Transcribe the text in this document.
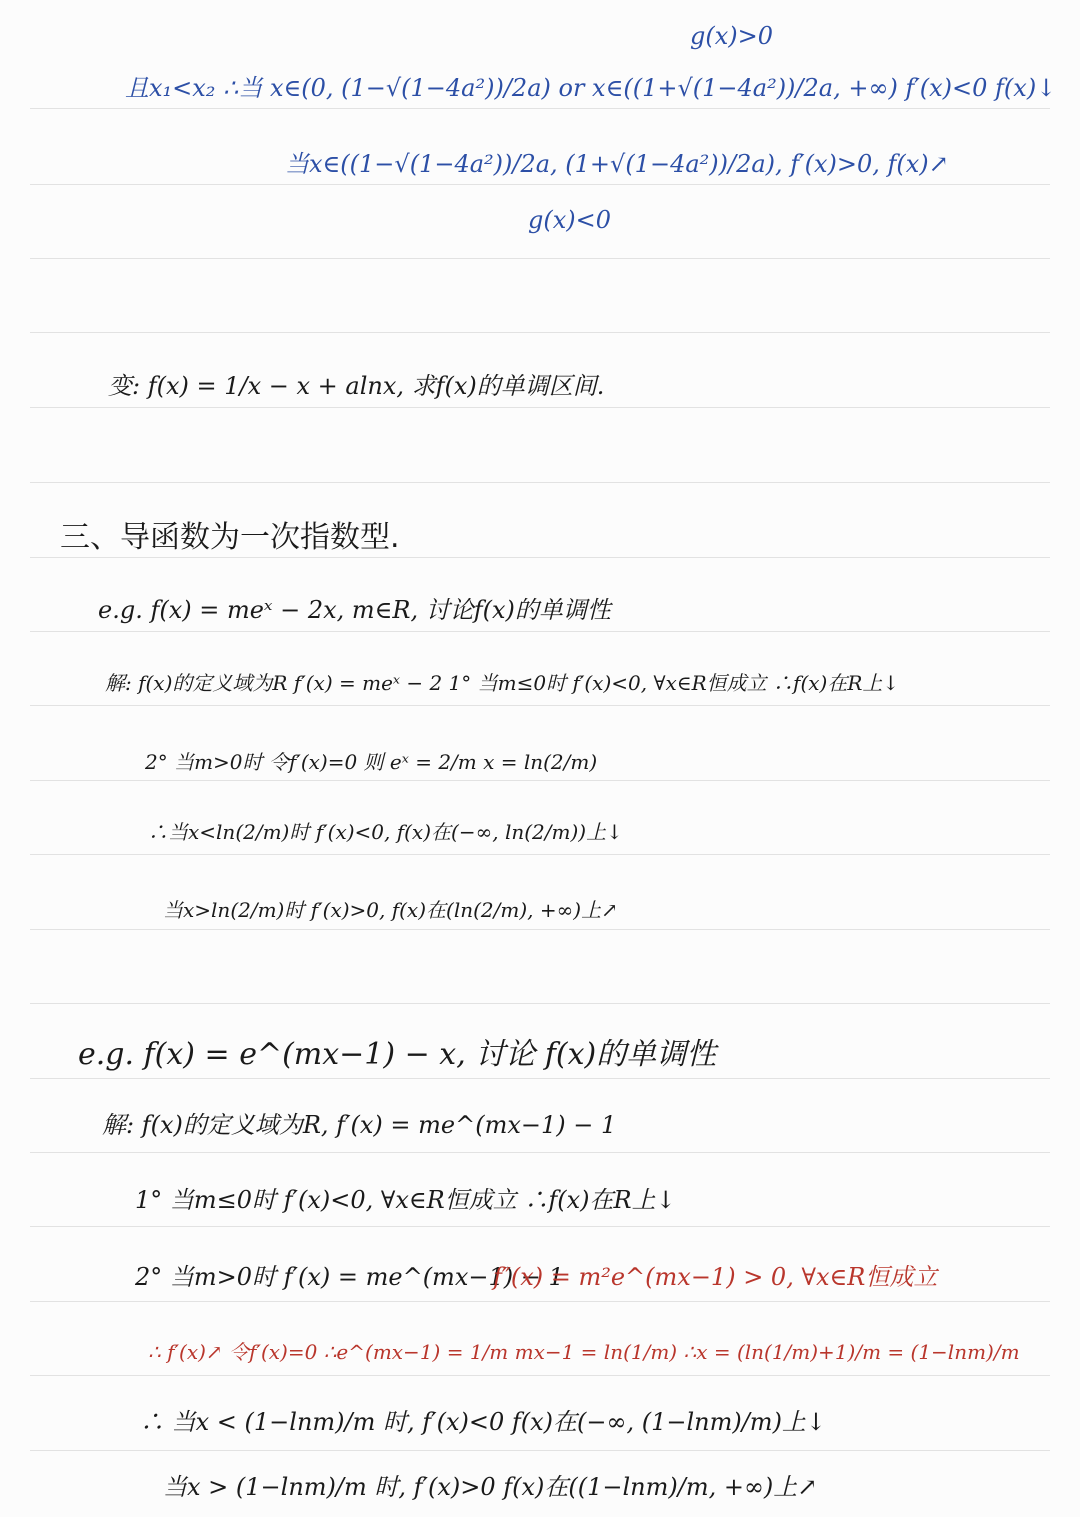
g(x)>0
且x₁<x₂ ∴当 x∈(0, (1−√(1−4a²))/2a) or x∈((1+√(1−4a²))/2a, +∞) f′(x)<0 f(x)↓
当x∈((1−√(1−4a²))/2a, (1+√(1−4a²))/2a), f′(x)>0, f(x)↗
g(x)<0
变: f(x) = 1/x − x + alnx, 求f(x)的单调区间.
三、导函数为一次指数型.
e.g. f(x) = meˣ − 2x, m∈R, 讨论f(x)的单调性
解: f(x)的定义域为R f′(x) = meˣ − 2 1° 当m≤0时 f′(x)<0, ∀x∈R恒成立 ∴f(x)在R上↓
2° 当m>0时 令f′(x)=0 则 eˣ = 2/m x = ln(2/m)
∴当x<ln(2/m)时 f′(x)<0, f(x)在(−∞, ln(2/m))上↓
当x>ln(2/m)时 f′(x)>0, f(x)在(ln(2/m), +∞)上↗
e.g. f(x) = e^(mx−1) − x, 讨论 f(x)的单调性
解: f(x)的定义域为R, f′(x) = me^(mx−1) − 1
1° 当m≤0时 f′(x)<0, ∀x∈R恒成立 ∴f(x)在R上↓
2° 当m>0时 f′(x) = me^(mx−1) − 1
f″(x) = m²e^(mx−1) > 0, ∀x∈R恒成立
∴ f′(x)↗ 令f′(x)=0 ∴e^(mx−1) = 1/m mx−1 = ln(1/m) ∴x = (ln(1/m)+1)/m = (1−lnm)/m
∴ 当x < (1−lnm)/m 时, f′(x)<0 f(x)在(−∞, (1−lnm)/m)上↓
当x > (1−lnm)/m 时, f′(x)>0 f(x)在((1−lnm)/m, +∞)上↗
